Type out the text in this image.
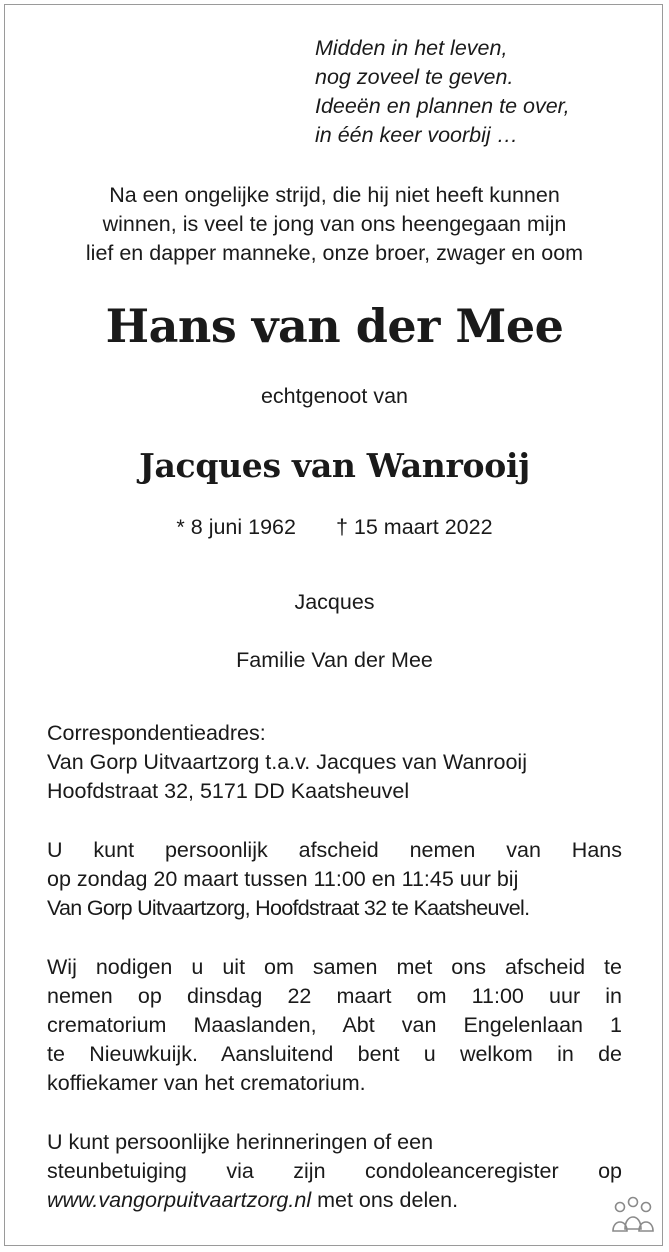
Midden in het leven,
nog zoveel te geven.
Ideeën en plannen te over,
in één keer voorbij …
Na een ongelijke strijd, die hij niet heeft kunnen
winnen, is veel te jong van ons heengegaan mijn
lief en dapper manneke, onze broer, zwager en oom
Hans van der Mee
echtgenoot van
Jacques van Wanrooij
* 8 juni 1962 † 15 maart 2022
Jacques
Familie Van der Mee
Correspondentieadres:
Van Gorp Uitvaartzorg t.a.v. Jacques van Wanrooij
Hoofdstraat 32, 5171 DD Kaatsheuvel
U kunt persoonlijk afscheid nemen van Hans
op zondag 20 maart tussen 11:00 en 11:45 uur bij
Van Gorp Uitvaartzorg, Hoofdstraat 32 te Kaatsheuvel.
Wij nodigen u uit om samen met ons afscheid te
nemen op dinsdag 22 maart om 11:00 uur in
crematorium Maaslanden, Abt van Engelenlaan 1
te Nieuwkuijk. Aansluitend bent u welkom in de
koffiekamer van het crematorium.
U kunt persoonlijke herinneringen of een
steunbetuiging via zijn condoleanceregister op
www.vangorpuitvaartzorg.nl met ons delen.
